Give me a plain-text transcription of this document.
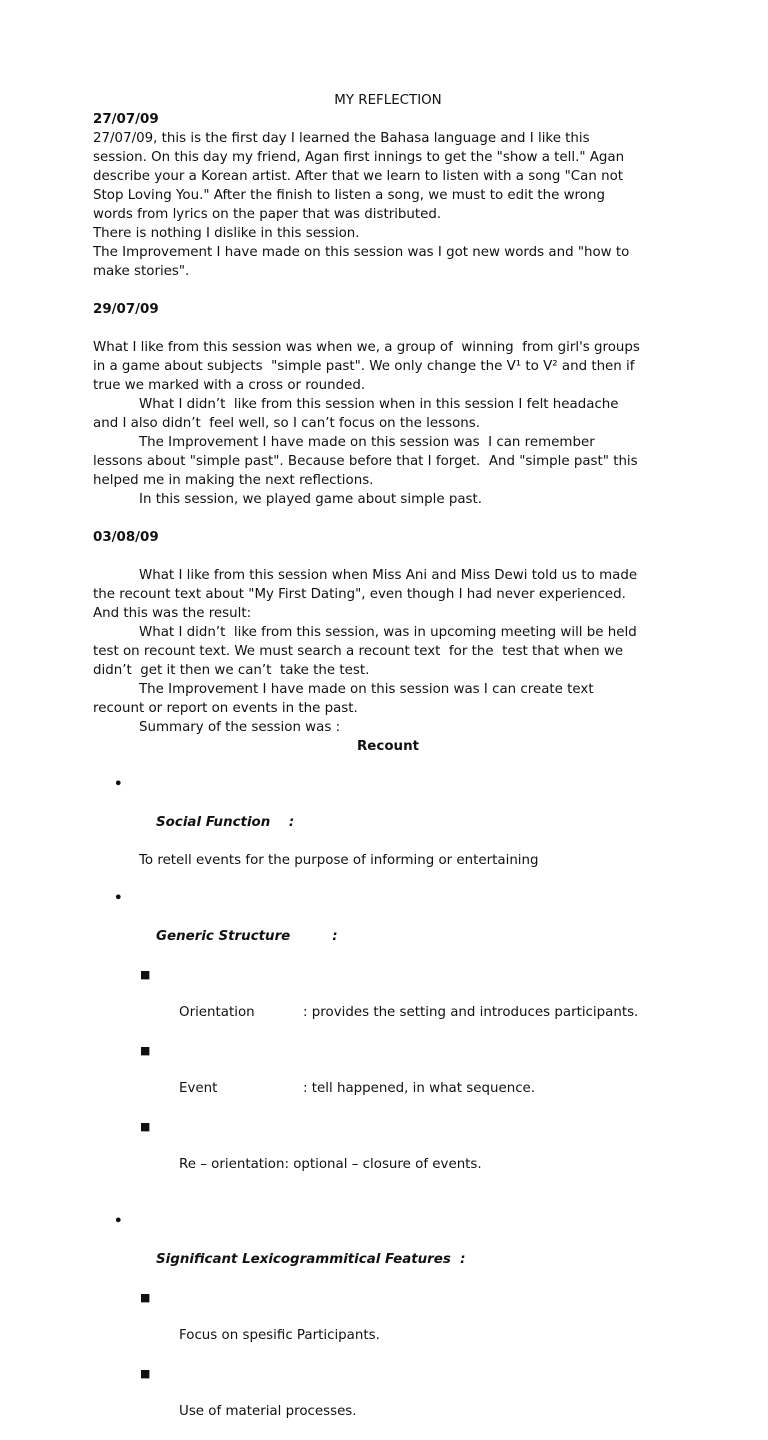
MY REFLECTION
27/07/09
27/07/09, this is the first day I learned the Bahasa language and I like this
session. On this day my friend, Agan first innings to get the "show a tell." Agan
describe your a Korean artist. After that we learn to listen with a song "Can not
Stop Loving You." After the finish to listen a song, we must to edit the wrong
words from lyrics on the paper that was distributed.
There is nothing I dislike in this session.
The Improvement I have made on this session was I got new words and "how to
make stories".
29/07/09
What I like from this session was when we, a group of  winning  from girl's groups
in a game about subjects  "simple past". We only change the V¹ to V² and then if
true we marked with a cross or rounded.
What I didn’t  like from this session when in this session I felt headache
and I also didn’t  feel well, so I can’t focus on the lessons.
The Improvement I have made on this session was  I can remember
lessons about "simple past". Because before that I forget.  And "simple past" this
helped me in making the next reflections.
In this session, we played game about simple past.
03/08/09
What I like from this session when Miss Ani and Miss Dewi told us to made
the recount text about "My First Dating", even though I had never experienced.
And this was the result:
What I didn’t  like from this session, was in upcoming meeting will be held
test on recount text. We must search a recount text  for the  test that when we
didn’t  get it then we can’t  take the test.
The Improvement I have made on this session was I can create text
recount or report on events in the past.
Summary of the session was :
Recount

•

Social Function    :

To retell events for the purpose of informing or entertaining

•

Generic Structure         :

■

Orientation	: provides the setting and introduces participants.

■

Event	: tell happened, in what sequence.

■

Re – orientation: optional – closure of events.

•

Significant Lexicogrammitical Features  :

■

Focus on spesific Participants.

■

Use of material processes.
